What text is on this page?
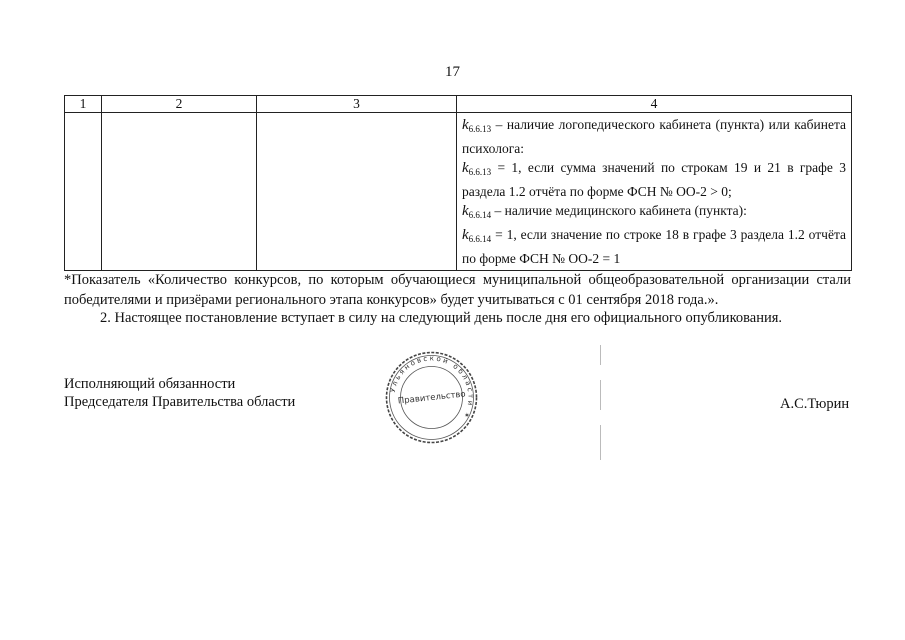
17
1	2	3	4

			$k_{6.6.13}$ – наличие логопедического кабинета (пункта) или кабинета психолога:

$k_{6.6.13} = 1$, если сумма значений по строкам 19 и 21 в графе 3 раздела 1.2 отчёта по форме ФСН № ОО-2 > 0;

$k_{6.6.14}$ – наличие медицинского кабинета (пункта):

$k_{6.6.14} = 1$, если значение по строке 18 в графе 3 раздела 1.2 отчёта по форме ФСН № ОО-2 = 1

*Показатель «Количество конкурсов, по которым обучающиеся муниципальной общеобразовательной организации стали победителями и призёрами регионального этапа конкурсов» будет учитываться с 01 сентября 2018 года.».

2. Настоящее постановление вступает в силу на следующий день после дня его официального опубликования.

Исполняющий обязанности
Председателя Правительства области
Ульяновской области ✶
Правительство	А.С.Тюрин
